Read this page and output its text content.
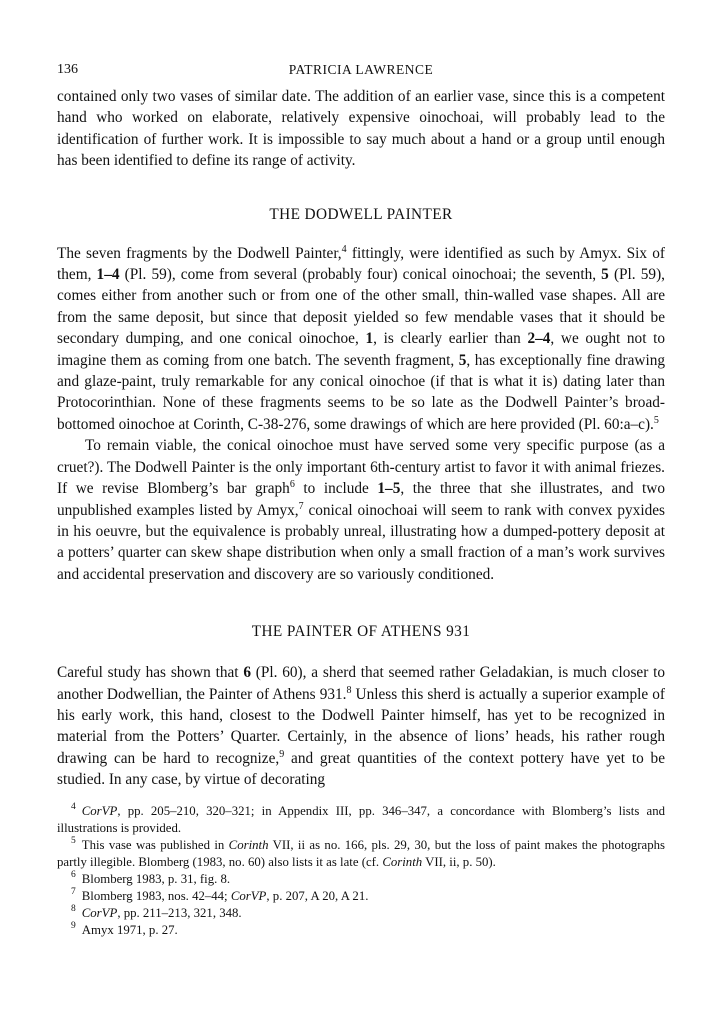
136	PATRICIA LAWRENCE

contained only two vases of similar date. The addition of an earlier vase, since this is a competent hand who worked on elaborate, relatively expensive oinochoai, will probably lead to the identification of further work. It is impossible to say much about a hand or a group until enough has been identified to define its range of activity.

THE DODWELL PAINTER

The seven fragments by the Dodwell Painter,$^4$ fittingly, were identified as such by Amyx. Six of them, 1–4 (Pl. 59), come from several (probably four) conical oinochoai; the seventh, 5 (Pl. 59), comes either from another such or from one of the other small, thin-walled vase shapes. All are from the same deposit, but since that deposit yielded so few mendable vases that it should be secondary dumping, and one conical oinochoe, 1, is clearly earlier than 2–4, we ought not to imagine them as coming from one batch. The seventh fragment, 5, has exceptionally fine drawing and glaze-paint, truly remarkable for any conical oinochoe (if that is what it is) dating later than Protocorinthian. None of these fragments seems to be so late as the Dodwell Painter’s broad-bottomed oinochoe at Corinth, C-38-276, some drawings of which are here provided (Pl. 60:a–c).$^5$

To remain viable, the conical oinochoe must have served some very specific purpose (as a cruet?). The Dodwell Painter is the only important 6th-century artist to favor it with animal friezes. If we revise Blomberg’s bar graph$^6$ to include 1–5, the three that she illustrates, and two unpublished examples listed by Amyx,$^7$ conical oinochoai will seem to rank with convex pyxides in his oeuvre, but the equivalence is probably unreal, illustrating how a dumped-pottery deposit at a potters’ quarter can skew shape distribution when only a small fraction of a man’s work survives and accidental preservation and discovery are so variously conditioned.

THE PAINTER OF ATHENS 931

Careful study has shown that 6 (Pl. 60), a sherd that seemed rather Geladakian, is much closer to another Dodwellian, the Painter of Athens 931.$^8$ Unless this sherd is actually a superior example of his early work, this hand, closest to the Dodwell Painter himself, has yet to be recognized in material from the Potters’ Quarter. Certainly, in the absence of lions’ heads, his rather rough drawing can be hard to recognize,$^9$ and great quantities of the context pottery have yet to be studied. In any case, by virtue of decorating

$^4$ CorVP, pp. 205–210, 320–321; in Appendix III, pp. 346–347, a concordance with Blomberg’s lists and illustrations is provided.

$^5$ This vase was published in Corinth VII, ii as no. 166, pls. 29, 30, but the loss of paint makes the photographs partly illegible. Blomberg (1983, no. 60) also lists it as late (cf. Corinth VII, ii, p. 50).

$^6$ Blomberg 1983, p. 31, fig. 8.

$^7$ Blomberg 1983, nos. 42–44; CorVP, p. 207, A 20, A 21.

$^8$ CorVP, pp. 211–213, 321, 348.

$^9$ Amyx 1971, p. 27.
